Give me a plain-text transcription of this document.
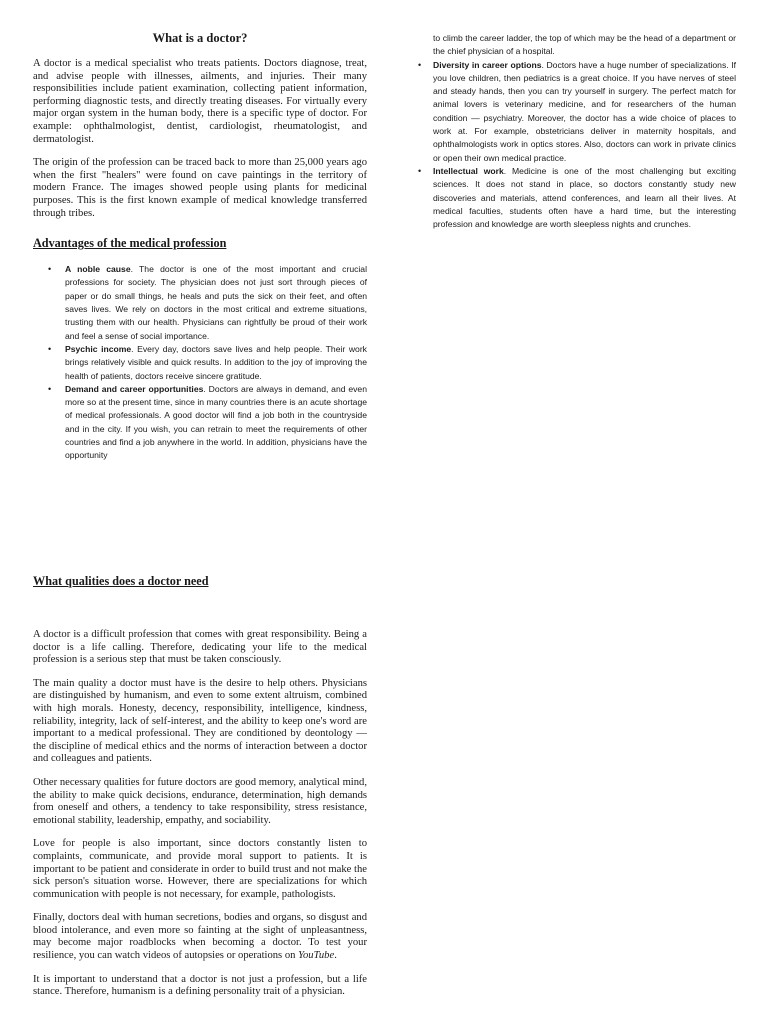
What is a doctor?

A doctor is a medical specialist who treats patients. Doctors diagnose, treat, and advise people with illnesses, ailments, and injuries. Their many responsibilities include patient examination, collecting patient information, performing diagnostic tests, and directly treating diseases. For virtually every major organ system in the human body, there is a specific type of doctor. For example: ophthalmologist, dentist, cardiologist, rheumatologist, and dermatologist.

The origin of the profession can be traced back to more than 25,000 years ago when the first "healers" were found on cave paintings in the territory of modern France. The images showed people using plants for medicinal purposes. This is the first known example of medical knowledge transferred through tribes.

Advantages of the medical profession
• A noble cause. The doctor is one of the most important and crucial professions for society. The physician does not just sort through pieces of paper or do small things, he heals and puts the sick on their feet, and often saves lives. We rely on doctors in the most critical and extreme situations, trusting them with our health. Physicians can rightfully be proud of their work and feel a sense of social importance.
• Psychic income. Every day, doctors save lives and help people. Their work brings relatively visible and quick results. In addition to the joy of improving the health of patients, doctors receive sincere gratitude.
• Demand and career opportunities. Doctors are always in demand, and even more so at the present time, since in many countries there is an acute shortage of medical professionals. A good doctor will find a job both in the countryside and in the city. If you wish, you can retrain to meet the requirements of other countries and find a job anywhere in the world. In addition, physicians have the opportunity

to climb the career ladder, the top of which may be the head of a department or the chief physician of a hospital.

• Diversity in career options. Doctors have a huge number of specializations. If you love children, then pediatrics is a great choice. If you have nerves of steel and steady hands, then you can try yourself in surgery. The perfect match for animal lovers is veterinary medicine, and for researchers of the human condition — psychiatry. Moreover, the doctor has a wide choice of places to work at. For example, obstetricians deliver in maternity hospitals, and ophthalmologists work in optics stores. Also, doctors can work in private clinics or open their own medical practice.
• Intellectual work. Medicine is one of the most challenging but exciting sciences. It does not stand in place, so doctors constantly study new discoveries and materials, attend conferences, and learn all their lives. At medical faculties, students often have a hard time, but the interesting profession and knowledge are worth sleepless nights and crunches.
What qualities does a doctor need

A doctor is a difficult profession that comes with great responsibility. Being a doctor is a life calling. Therefore, dedicating your life to the medical profession is a serious step that must be taken consciously.

The main quality a doctor must have is the desire to help others. Physicians are distinguished by humanism, and even to some extent altruism, combined with high morals. Honesty, decency, responsibility, intelligence, kindness, reliability, integrity, lack of self-interest, and the ability to keep one's word are important to a medical professional. They are conditioned by deontology — the discipline of medical ethics and the norms of interaction between a doctor and colleagues and patients.

Other necessary qualities for future doctors are good memory, analytical mind, the ability to make quick decisions, endurance, determination, high demands from oneself and others, a tendency to take responsibility, stress resistance, emotional stability, leadership, empathy, and sociability.

Love for people is also important, since doctors constantly listen to complaints, communicate, and provide moral support to patients. It is important to be patient and considerate in order to build trust and not make the sick person's situation worse. However, there are specializations for which communication with people is not necessary, for example, pathologists.

Finally, doctors deal with human secretions, bodies and organs, so disgust and blood intolerance, and even more so fainting at the sight of unpleasantness, may become major roadblocks when becoming a doctor. To test your resilience, you can watch videos of autopsies or operations on YouTube.

It is important to understand that a doctor is not just a profession, but a life stance. Therefore, humanism is a defining personality trait of a physician.
